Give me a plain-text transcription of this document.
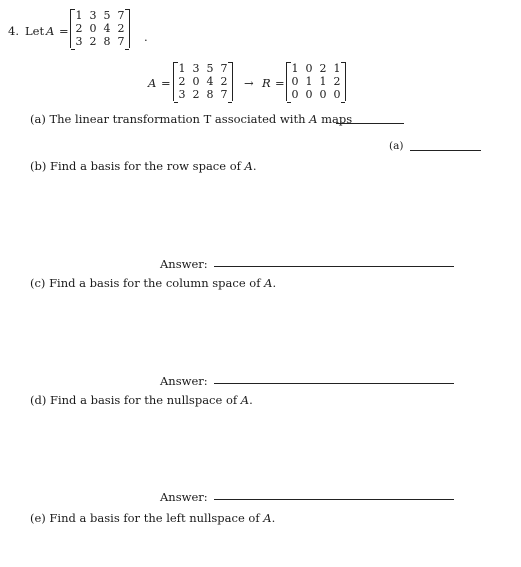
4. Let A =
1 3 5 7
2 0 4 2
3 2 8 7 .
A =
1 3 5 7
2 0 4 2
3 2 8 7
→ R =
1 0 2 1
0 1 1 2
0 0 0 0
(a) The linear transformation T associated with A maps
(a)
(b) Find a basis for the row space of A.
Answer:
(c) Find a basis for the column space of A.
Answer:
(d) Find a basis for the nullspace of A.
Answer:
(e) Find a basis for the left nullspace of A.
